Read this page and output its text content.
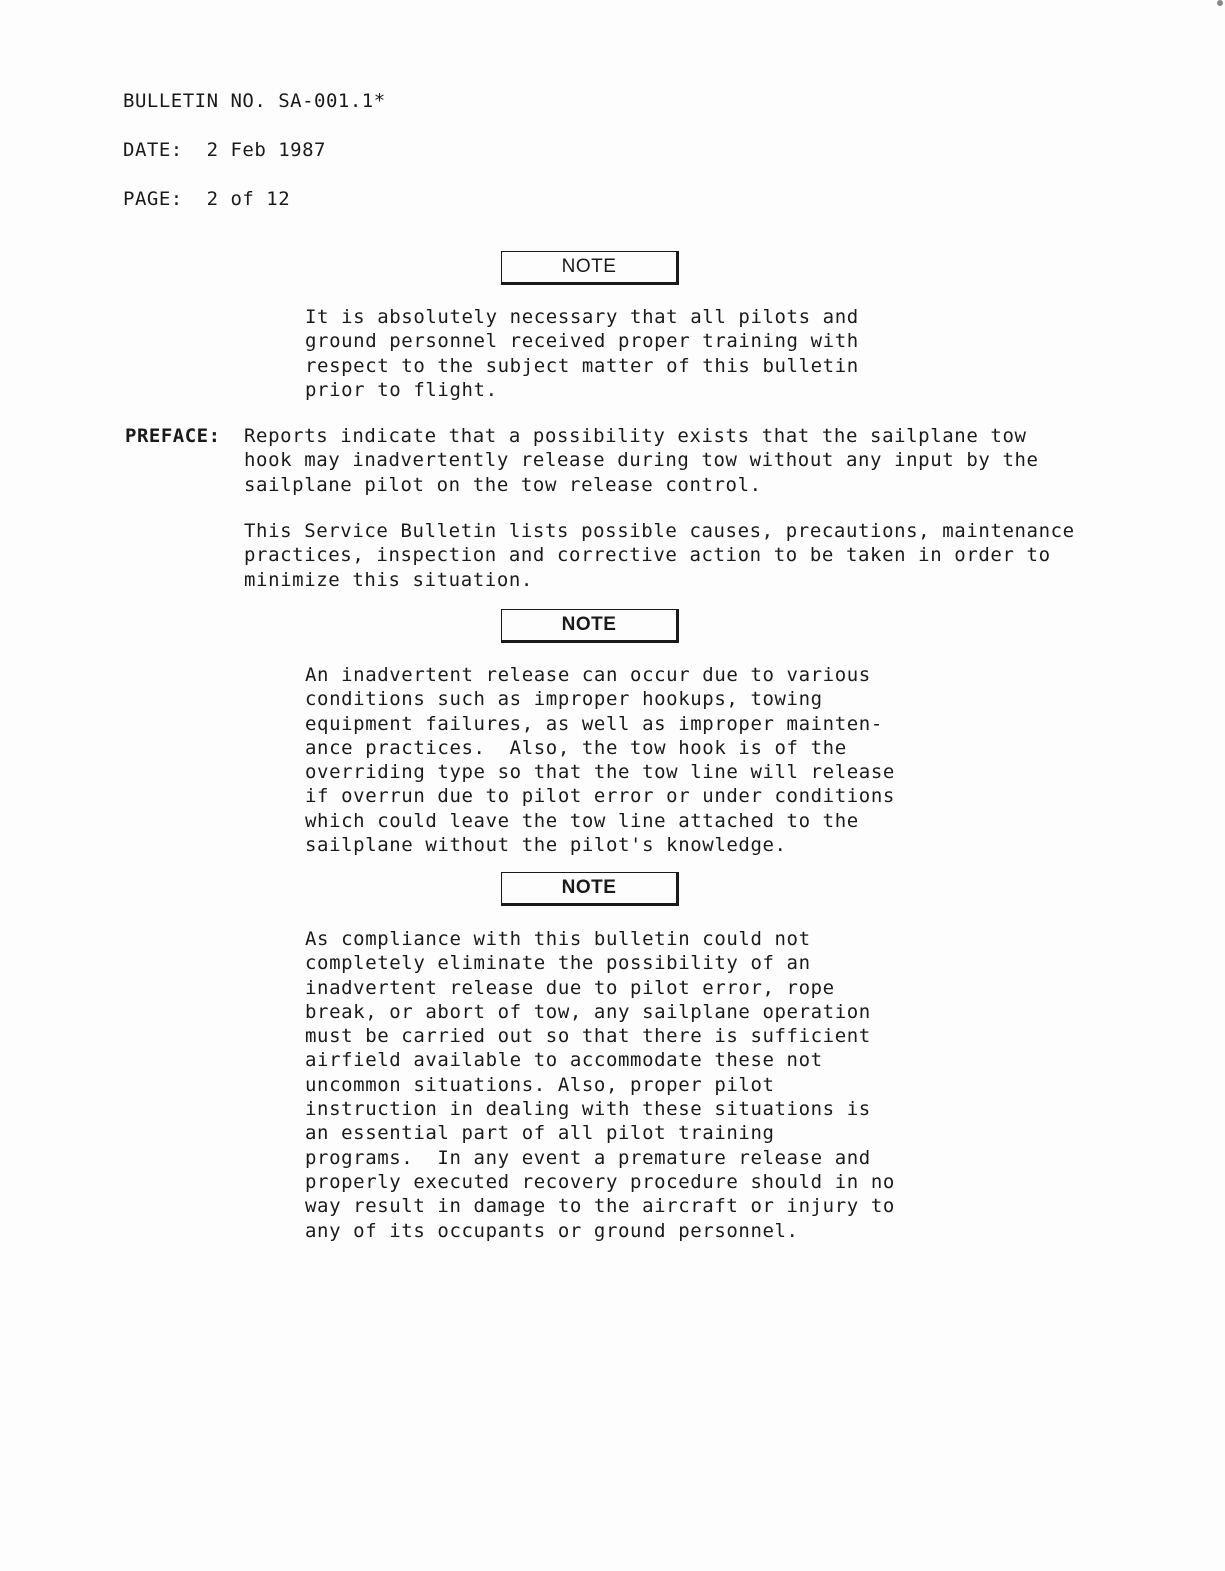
BULLETIN NO. SA-001.1*
DATE:  2 Feb 1987
PAGE:  2 of 12
NOTE
It is absolutely necessary that all pilots and
ground personnel received proper training with
respect to the subject matter of this bulletin
prior to flight.
PREFACE: Reports indicate that a possibility exists that the sailplane tow
hook may inadvertently release during tow without any input by the
sailplane pilot on the tow release control.
This Service Bulletin lists possible causes, precautions, maintenance
practices, inspection and corrective action to be taken in order to
minimize this situation.
NOTE
An inadvertent release can occur due to various
conditions such as improper hookups, towing
equipment failures, as well as improper mainten-
ance practices.  Also, the tow hook is of the
overriding type so that the tow line will release
if overrun due to pilot error or under conditions
which could leave the tow line attached to the
sailplane without the pilot's knowledge.
NOTE
As compliance with this bulletin could not
completely eliminate the possibility of an
inadvertent release due to pilot error, rope
break, or abort of tow, any sailplane operation
must be carried out so that there is sufficient
airfield available to accommodate these not
uncommon situations. Also, proper pilot
instruction in dealing with these situations is
an essential part of all pilot training
programs.  In any event a premature release and
properly executed recovery procedure should in no
way result in damage to the aircraft or injury to
any of its occupants or ground personnel.
